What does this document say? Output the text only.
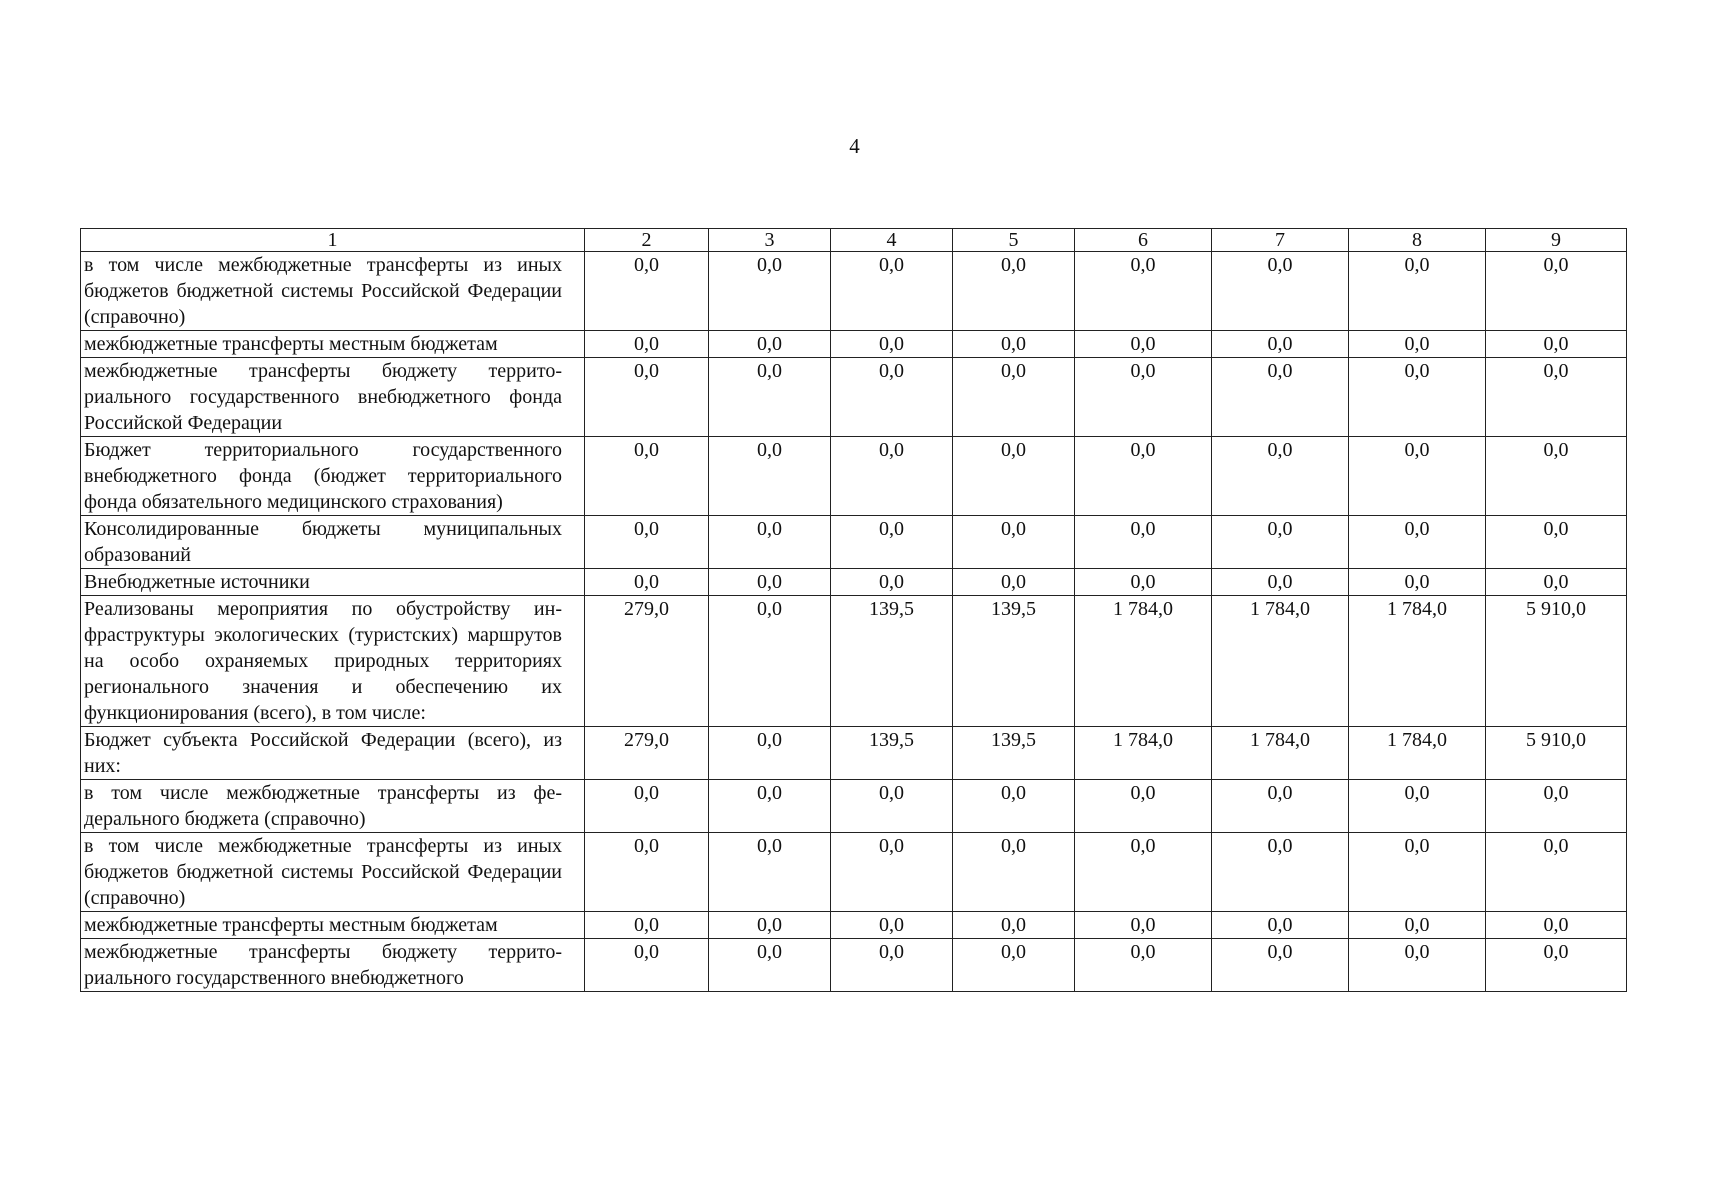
4
1	2	3	4	5	6	7	8	9
в том числе межбюджетные трансферты из иных бюджетов бюджетной системы Российской Федерации (справочно)	0,0	0,0	0,0	0,0	0,0	0,0	0,0	0,0
межбюджетные трансферты местным бюджетам	0,0	0,0	0,0	0,0	0,0	0,0	0,0	0,0
межбюджетные трансферты бюджету территориального государственного внебюджетного фонда Российской Федерации	0,0	0,0	0,0	0,0	0,0	0,0	0,0	0,0
Бюджет территориального государственного внебюджетного фонда (бюджет территориального фонда обязательного медицинского страхования)	0,0	0,0	0,0	0,0	0,0	0,0	0,0	0,0
Консолидированные бюджеты муниципальных образований	0,0	0,0	0,0	0,0	0,0	0,0	0,0	0,0
Внебюджетные источники	0,0	0,0	0,0	0,0	0,0	0,0	0,0	0,0
Реализованы мероприятия по обустройству инфраструктуры экологических (туристских) маршрутов на особо охраняемых природных территориях регионального значения и обеспечению их функционирования (всего), в том числе:	279,0	0,0	139,5	139,5	1 784,0	1 784,0	1 784,0	5 910,0
Бюджет субъекта Российской Федерации (всего), из них:	279,0	0,0	139,5	139,5	1 784,0	1 784,0	1 784,0	5 910,0
в том числе межбюджетные трансферты из федерального бюджета (справочно)	0,0	0,0	0,0	0,0	0,0	0,0	0,0	0,0
в том числе межбюджетные трансферты из иных бюджетов бюджетной системы Российской Федерации (справочно)	0,0	0,0	0,0	0,0	0,0	0,0	0,0	0,0
межбюджетные трансферты местным бюджетам	0,0	0,0	0,0	0,0	0,0	0,0	0,0	0,0
межбюджетные трансферты бюджету территориального государственного внебюджетного	0,0	0,0	0,0	0,0	0,0	0,0	0,0	0,0
